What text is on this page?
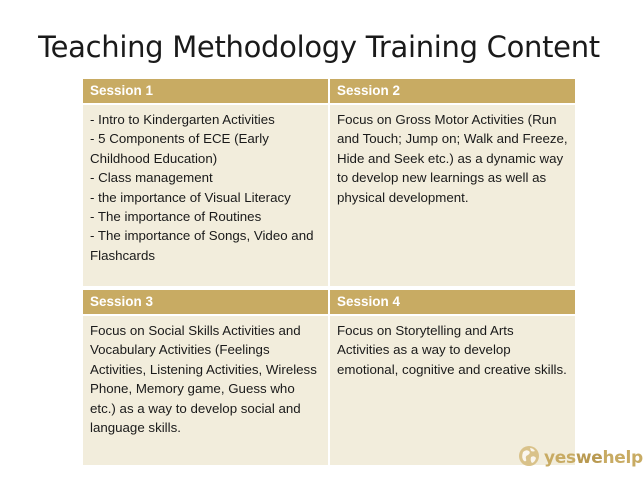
Teaching Methodology Training Content
Session 1	Session 2
- Intro to Kindergarten Activities
- 5 Components of ECE (Early Childhood Education)
- Class management
- the importance of Visual Literacy
- The importance of Routines
- The importance of Songs, Video and Flashcards
Focus on Gross Motor Activities (Run and Touch; Jump on; Walk and Freeze, Hide and Seek etc.) as a dynamic way to develop new learnings as well as physical development.
Session 3	Session 4
Focus on Social Skills Activities and Vocabulary Activities (Feelings Activities, Listening Activities, Wireless Phone, Memory game, Guess who etc.) as a way to develop social and language skills.
Focus on Storytelling and Arts Activities as a way to develop emotional, cognitive and creative skills.
yeswehelp
